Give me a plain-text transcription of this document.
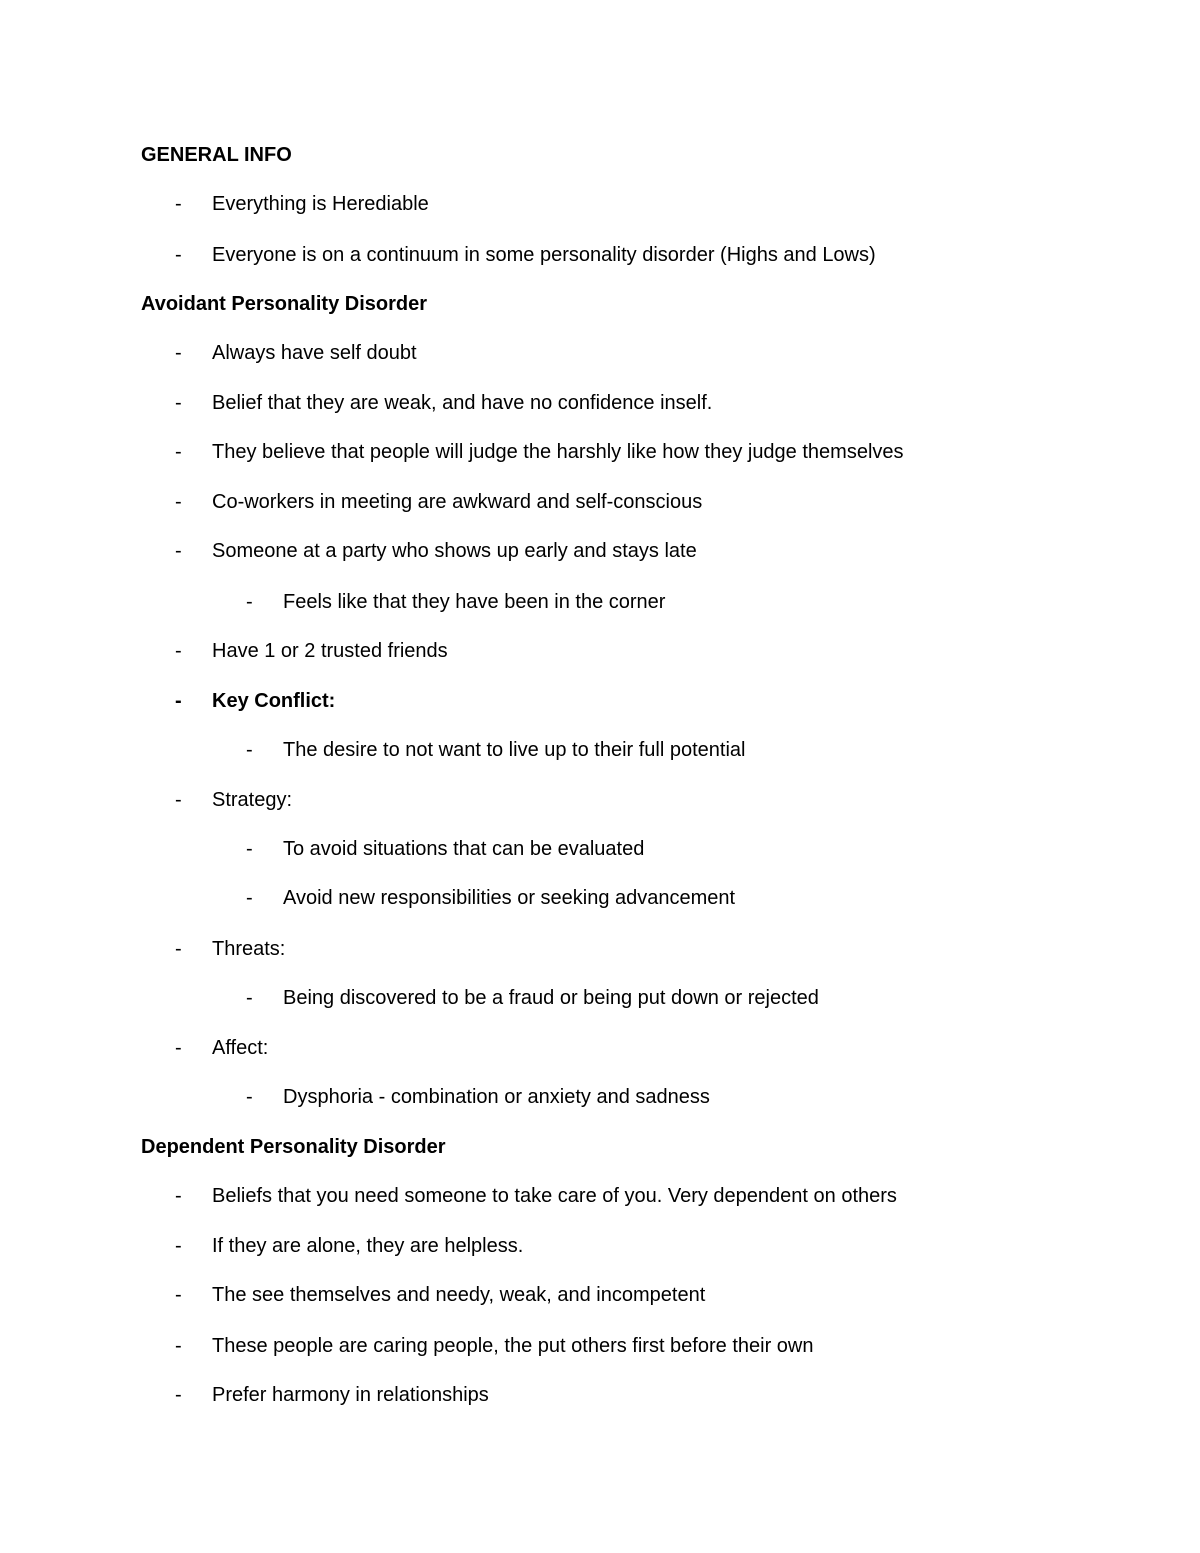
GENERAL INFO
- Everything is Herediable
- Everyone is on a continuum in some personality disorder (Highs and Lows)
Avoidant Personality Disorder
- Always have self doubt
- Belief that they are weak, and have no confidence inself.
- They believe that people will judge the harshly like how they judge themselves
- Co-workers in meeting are awkward and self-conscious
- Someone at a party who shows up early and stays late
- Feels like that they have been in the corner
- Have 1 or 2 trusted friends
- Key Conflict:
- The desire to not want to live up to their full potential
- Strategy:
- To avoid situations that can be evaluated
- Avoid new responsibilities or seeking advancement
- Threats:
- Being discovered to be a fraud or being put down or rejected
- Affect:
- Dysphoria - combination or anxiety and sadness
Dependent Personality Disorder
- Beliefs that you need someone to take care of you. Very dependent on others
- If they are alone, they are helpless.
- The see themselves and needy, weak, and incompetent
- These people are caring people, the put others first before their own
- Prefer harmony in relationships
